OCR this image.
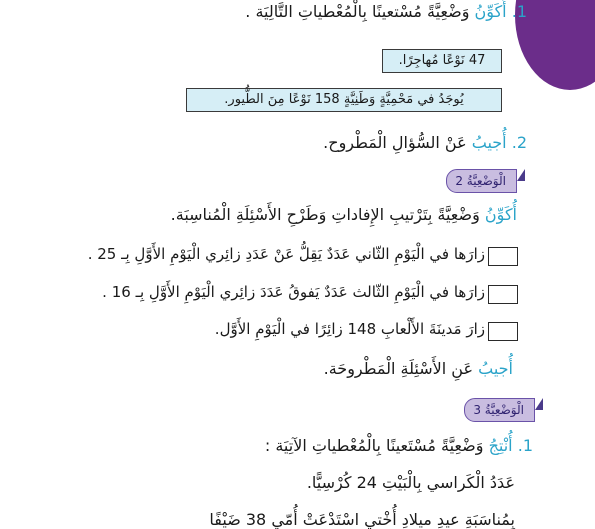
1. أُكَوِّنُ وَضْعِيَّةً مُسْتعينًا بِالْمُعْطياتِ التَّالِيَة .
47 نَوْعًا مُهاجِرًا.
يُوجَدُ في مَحْمِيَّةٍ وَطَنِيَّةٍ 158 نَوْعًا مِنَ الطُّيور.
2. أُجيبُ عَنْ السُّؤالِ الْمَطْروح.
الْوَضْعِيَّةُ 2
أُكَوِّنُ وَضْعِيَّةً بِتَرْتيبِ الإِفاداتِ وَطَرْحِ الأَسْئِلَةِ الْمُناسِبَة.
زارَها في الْيَوْمِ الثّاني عَدَدٌ يَقِلُّ عَنْ عَدَدِ زائِري الْيَوْمِ الأَوَّلِ بِـ 25 .
زارَها في الْيَوْمِ الثّالث عَدَدٌ يَفوقُ عَدَدَ زائِري الْيَوْمِ الأَوَّلِ بِـ 16 .
زارَ مَدينَةَ الأَلْعابِ 148 زائِرًا في الْيَوْمِ الأَوَّل.
أُجيبُ عَنِ الأَسْئِلَةِ الْمَطْروحَة.
الْوَضْعِيَّةُ 3
1. أُنْتِجُ وَضْعِيَّةً مُسْتَعينًا بِالْمُعْطياتِ الآتِيَة :
عَدَدُ الْكَراسي بِالْبَيْتِ 24 كُرْسِيًّا.
بِمُناسَبَةِ عيدِ ميلادِ أُخْتي اسْتَدْعَتْ أُمّي 38 ضَيْفًا
